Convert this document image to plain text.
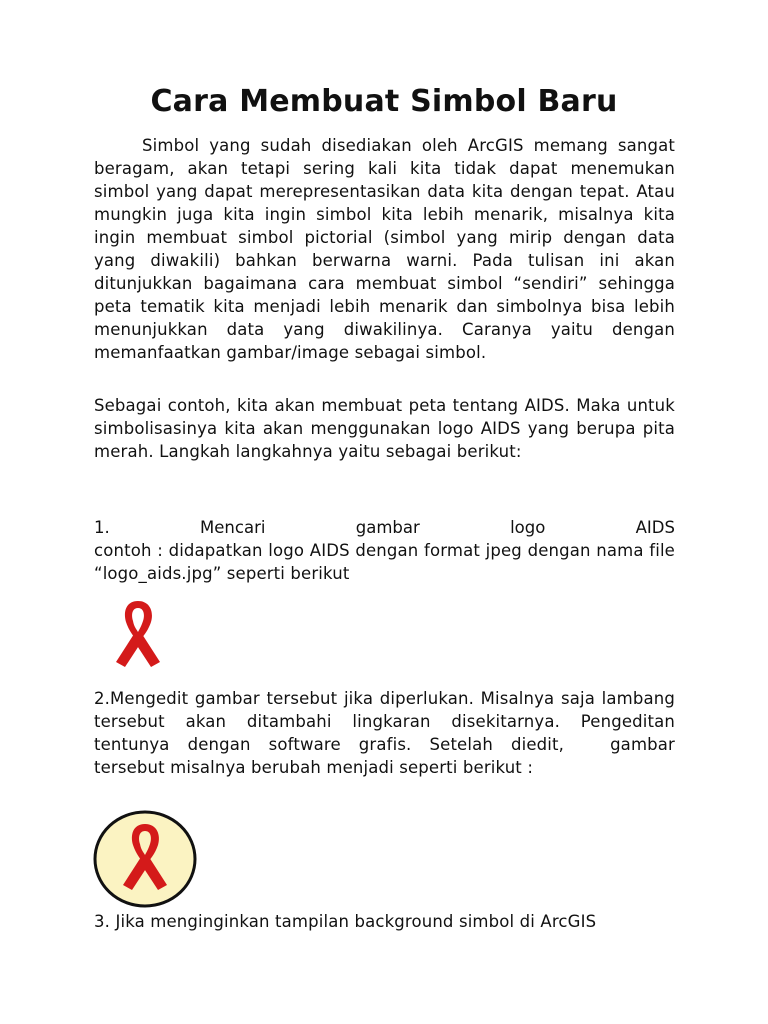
Cara Membuat Simbol Baru

Simbol yang sudah disediakan oleh ArcGIS memang sangat beragam, akan tetapi sering kali kita tidak dapat menemukan simbol yang dapat merepresentasikan data kita dengan tepat. Atau mungkin juga kita ingin simbol kita lebih menarik, misalnya kita ingin membuat simbol pictorial (simbol yang mirip dengan data yang diwakili) bahkan berwarna warni. Pada tulisan ini akan ditunjukkan bagaimana cara membuat simbol “sendiri” sehingga peta tematik kita menjadi lebih menarik dan simbolnya bisa lebih menunjukkan data yang diwakilinya. Caranya yaitu dengan memanfaatkan gambar/image sebagai simbol.

Sebagai contoh, kita akan membuat peta tentang AIDS. Maka untuk simbolisasinya kita akan menggunakan logo AIDS yang berupa pita merah. Langkah langkahnya yaitu sebagai berikut:

1.	Mencari	gambar	logo	AIDS

contoh : didapatkan logo AIDS dengan format jpeg dengan nama file “logo_aids.jpg” seperti berikut

2.Mengedit gambar tersebut jika diperlukan. Misalnya saja lambang tersebut akan ditambahi lingkaran disekitarnya. Pengeditan tentunya dengan software grafis. Setelah diedit,	gambar tersebut misalnya berubah menjadi seperti berikut :

3. Jika menginginkan tampilan background simbol di ArcGIS
